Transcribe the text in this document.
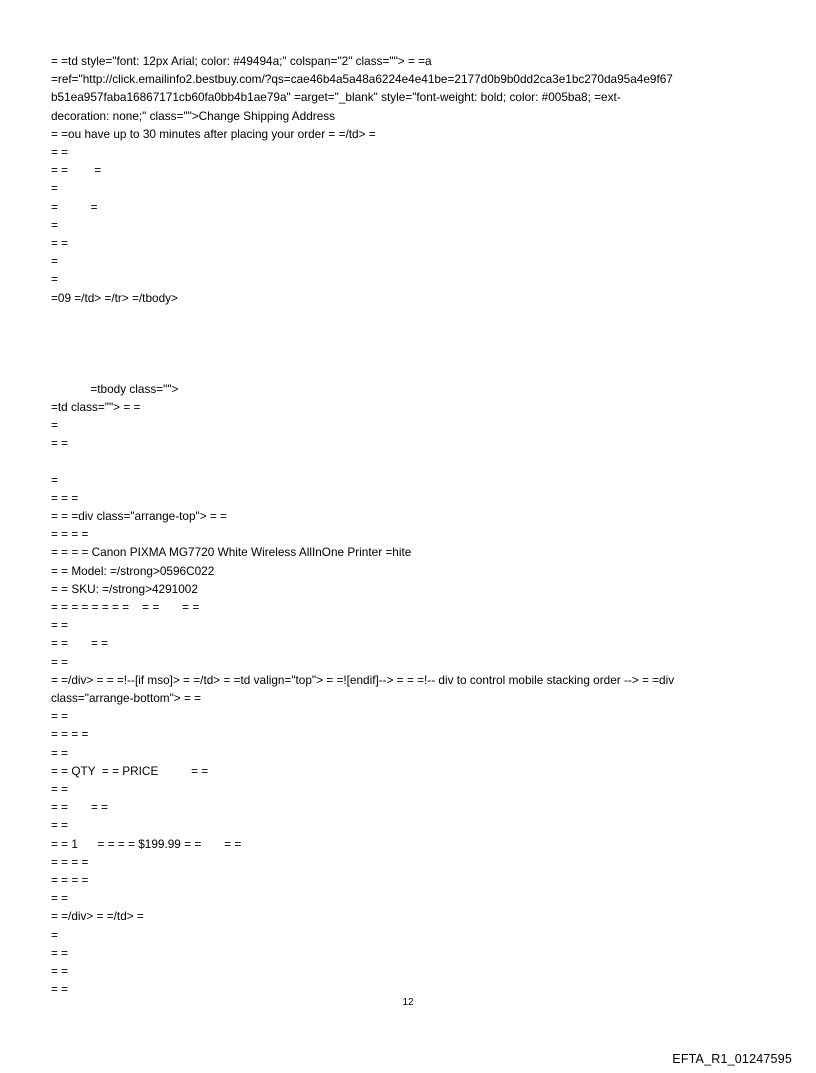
= =td style="font: 12px Arial; color: #49494a;" colspan="2" class=""> = =a
=ref="http://click.emailinfo2.bestbuy.com/?qs=cae46b4a5a48a6224e4e41be=2177d0b9b0dd2ca3e1bc270da95a4e9f67
b51ea957faba16867171cb60fa0bb4b1ae79a" =arget="_blank" style="font-weight: bold; color: #005ba8; =ext-
decoration: none;" class="">Change Shipping Address
= =ou have up to 30 minutes after placing your order = =/td> =
= =
= =        =
=
=          =
=
= =
=
=
=09 =/td> =/tr> =/tbody>
=tbody class="">
=td class=""> = =
=
= =
=
= = =
= = =div class="arrange-top"> = =
= = = =
= = = = Canon PIXMA MG7720 White Wireless AllInOne Printer =hite
= = Model: =/strong>0596C022
= = SKU: =/strong>4291002
= = = = = = = =    = =       = =
= =
= =       = =
= =
= =/div> = = =!--[if mso]> = =/td> = =td valign="top"> = =![endif]--> = = =!-- div to control mobile stacking order --> = =div
class="arrange-bottom"> = =
= =
= = = =
= =
= = QTY  = = PRICE          = =
= =
= =       = =
= =
= = 1      = = = = $199.99 = =       = =
= = = =
= = = =
= =
= =/div> = =/td> =
=
= =
= =
= =
12
EFTA_R1_01247595
